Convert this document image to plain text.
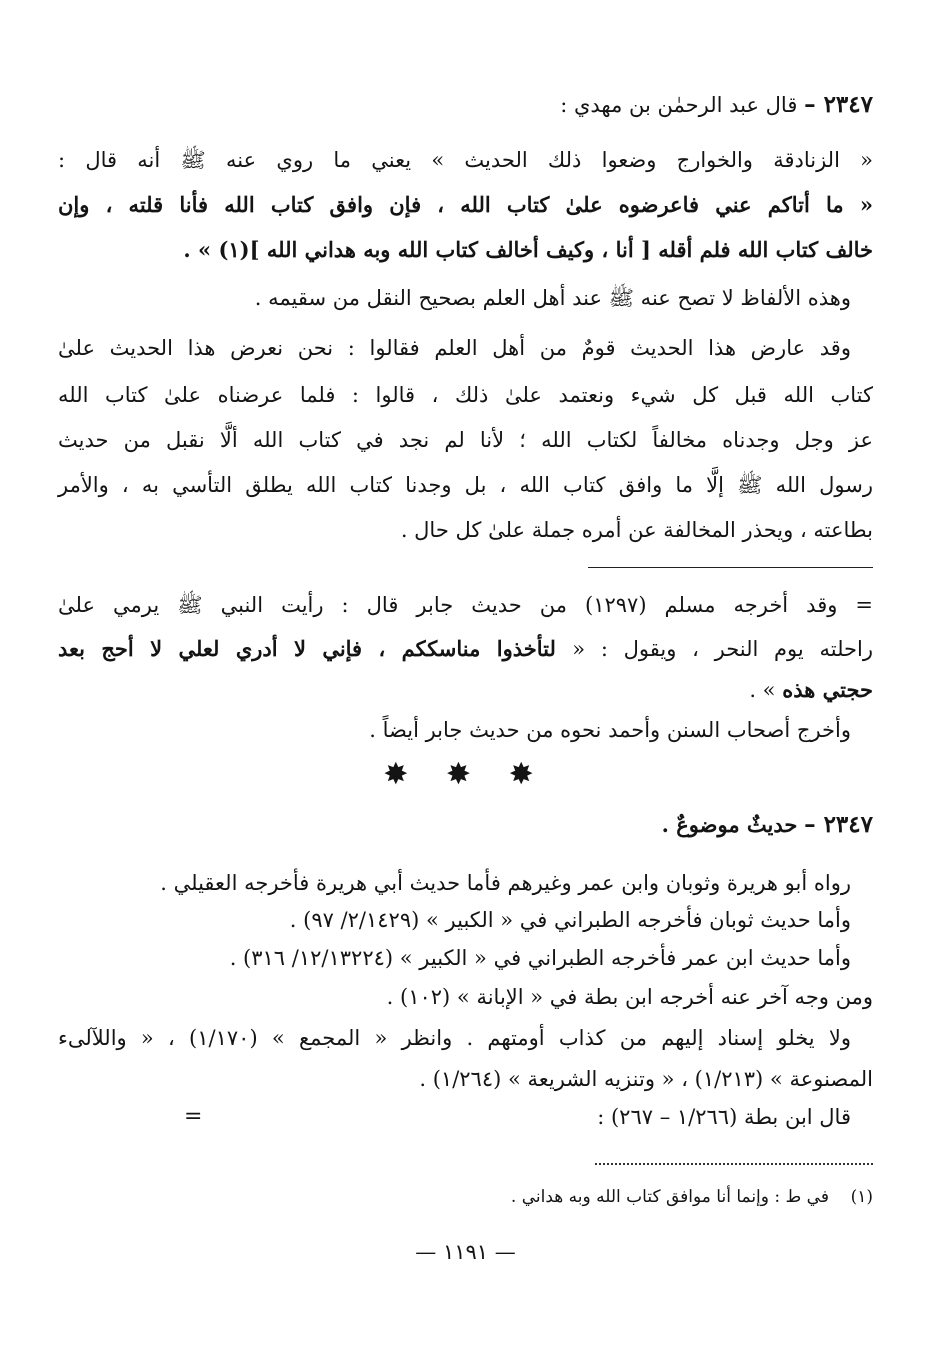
٢٣٤٧ – قال عبد الرحمٰن بن مهدي :
« الزنادقة والخوارج وضعوا ذلك الحديث » يعني ما روي عنه ﷺ أنه قال :
« ما أتاكم عني فاعرضوه علىٰ كتاب الله ، فإن وافق كتاب الله فأنا قلته ، وإن
خالف كتاب الله فلم أقله [ أنا ، وكيف أخالف كتاب الله وبه هداني الله ](١) » .
وهذه الألفاظ لا تصح عنه ﷺ عند أهل العلم بصحيح النقل من سقيمه .
وقد عارض هذا الحديث قومٌ من أهل العلم فقالوا : نحن نعرض هذا الحديث علىٰ
كتاب الله قبل كل شيء ونعتمد علىٰ ذلك ، قالوا : فلما عرضناه علىٰ كتاب الله
عز وجل وجدناه مخالفاً لكتاب الله ؛ لأنا لم نجد في كتاب الله ألَّا نقبل من حديث
رسول الله ﷺ إلَّا ما وافق كتاب الله ، بل وجدنا كتاب الله يطلق التأسي به ، والأمر
بطاعته ، ويحذر المخالفة عن أمره جملة علىٰ كل حال .
= وقد أخرجه مسلم (١٢٩٧) من حديث جابر قال : رأيت النبي ﷺ يرمي علىٰ
راحلته يوم النحر ، ويقول : « لتأخذوا مناسككم ، فإني لا أدري لعلي لا أحج بعد
حجتي هذه » .
وأخرج أصحاب السنن وأحمد نحوه من حديث جابر أيضاً .
✸ ✸ ✸
٢٣٤٧ – حديثٌ موضوعٌ .
رواه أبو هريرة وثوبان وابن عمر وغيرهم فأما حديث أبي هريرة فأخرجه العقيلي .
وأما حديث ثوبان فأخرجه الطبراني في « الكبير » (٢/١٤٢٩/ ٩٧) .
وأما حديث ابن عمر فأخرجه الطبراني في « الكبير » (١٢/١٣٢٢٤/ ٣١٦) .
ومن وجه آخر عنه أخرجه ابن بطة في « الإبانة » (١٠٢) .
ولا يخلو إسناد إليهم من كذاب أومتهم . وانظر « المجمع » (١/١٧٠) ، « واللآلىء
المصنوعة » (١/٢١٣) ، « وتنزيه الشريعة » (١/٢٦٤) .
قال ابن بطة (١/٢٦٦ – ٢٦٧) :
=
(١)    في ط : وإنما أنا موافق كتاب الله وبه هداني .
— ١١٩١ —
